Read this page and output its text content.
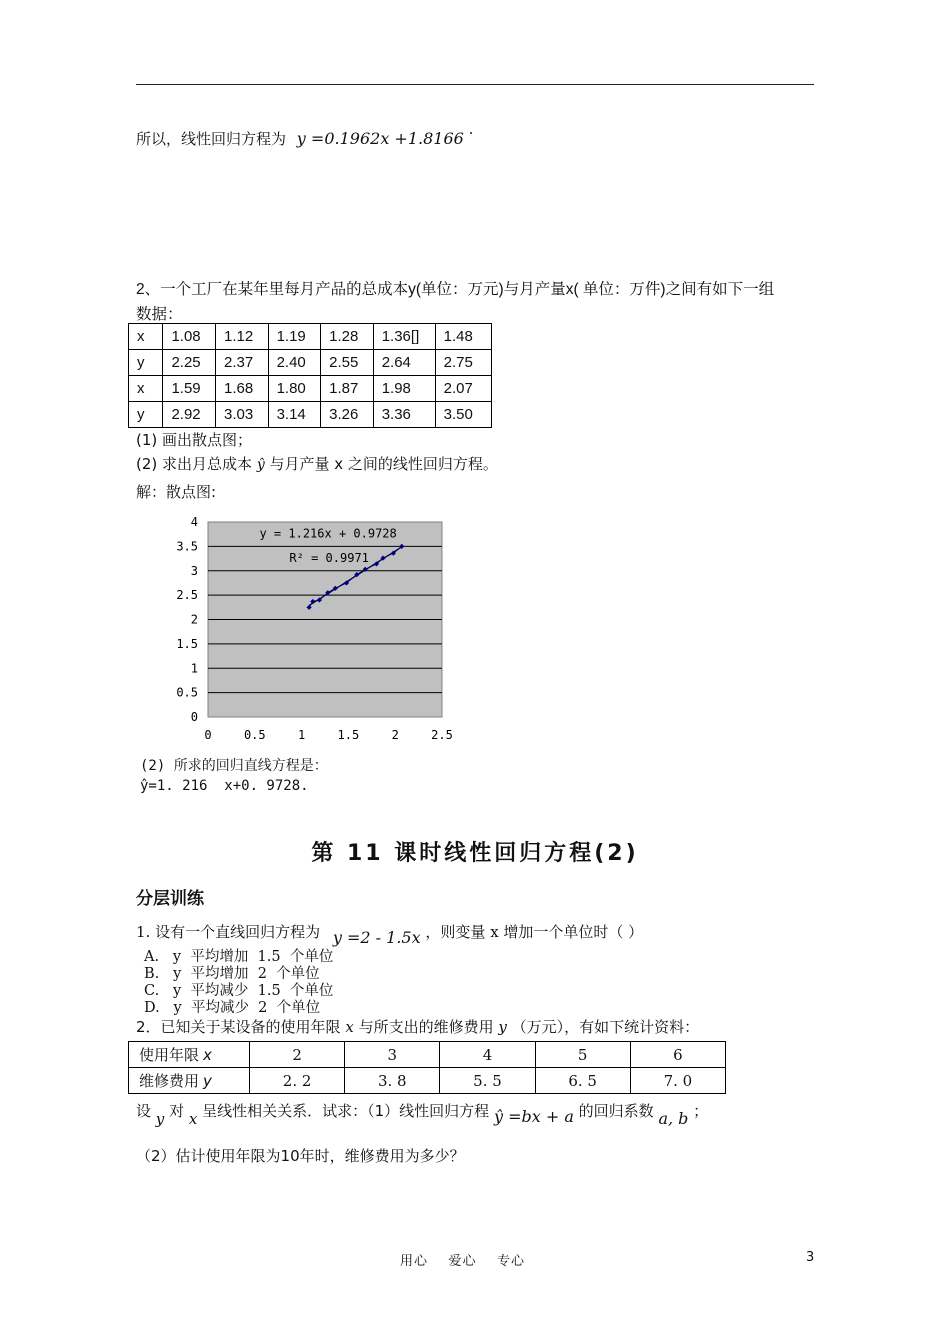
所以，线性回归方程为 y =0.1962x +1.8166 ·
2、一个工厂在某年里每月产品的总成本y(单位：万元)与月产量x( 单位：万件)之间有如下一组
数据：
x	1.08	1.12	1.19	1.28	1.36[]	1.48
y	2.25	2.37	2.40	2.55	2.64	2.75
x	1.59	1.68	1.80	1.87	1.98	2.07
y	2.92	3.03	3.14	3.26	3.36	3.50
(1) 画出散点图；
(2) 求出月总成本 ŷ 与月产量 x 之间的线性回归方程。
解：散点图:
0
0.5
1
1.5
2
2.5
3
3.5
4
0	0.5	1	1.5	2	2.5
y = 1.216x + 0.9728
R² = 0.9971
(2) 所求的回归直线方程是：
ŷ=1. 216  x+0. 9728.
第 11 课时线性回归方程(2)
分层训练
1. 设有一个直线回归方程为 y =2 - 1.5x ，则变量 x 增加一个单位时（ ）
A.   y  平均增加  1.5  个单位
B.   y  平均增加  2  个单位
C.   y  平均减少  1.5  个单位
D.   y  平均减少  2  个单位
2．已知关于某设备的使用年限 x 与所支出的维修费用 y （万元），有如下统计资料：
使用年限 x	2	3	4	5	6
维修费用 y	2. 2	3. 8	5. 5	6. 5	7. 0
设 y 对 x 呈线性相关关系．试求：（1）线性回归方程 ŷ =bx + a 的回归系数 a, b ；
（2）估计使用年限为10年时，维修费用为多少？
用心    爱心    专心	3
